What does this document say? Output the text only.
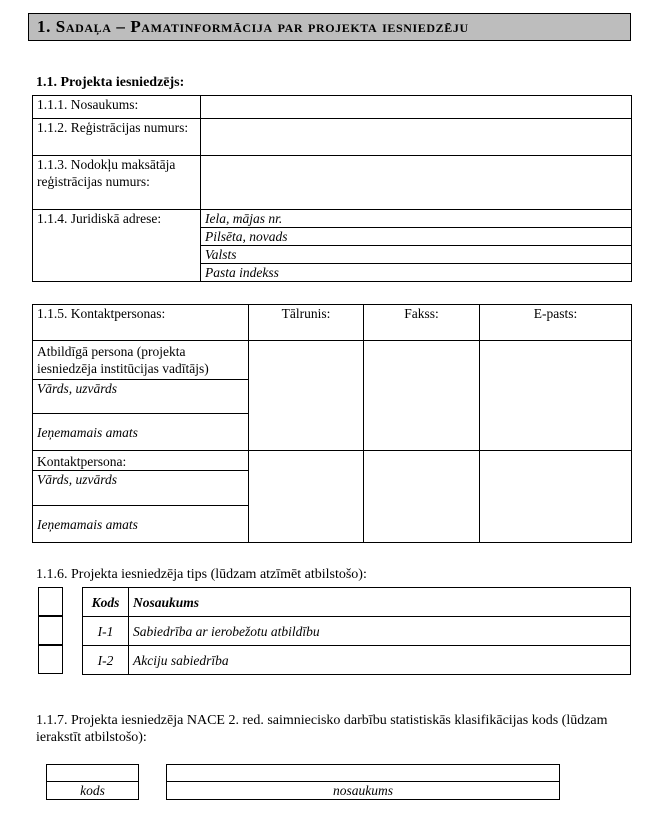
1. Sadaļa – Pamatinformācija par projekta iesniedzēju
1.1. Projekta iesniedzējs:
1.1.1. Nosaukums:	
1.1.2. Reģistrācijas numurs:	
1.1.3. Nodokļu maksātāja reģistrācijas numurs:	
1.1.4. Juridiskā adrese:		Iela, mājas nr.
Pilsēta, novads
Valsts
Pasta indekss
1.1.5. Kontaktpersonas:	Tālrunis:	Fakss:	E-pasts:

Atbildīgā persona (projekta iesniedzēja institūcijas vadītājs)
Vārds, uzvārds
Ieņemamais amats

Kontaktpersona:
Vārds, uzvārds
Ieņemamais amats

1.1.6. Projekta iesniedzēja tips (lūdzam atzīmēt atbilstošo):
Kods	Nosaukums
I-1	Sabiedrība ar ierobežotu atbildību
I-2	Akciju sabiedrība
1.1.7. Projekta iesniedzēja NACE 2. red. saimniecisko darbību statistiskās klasifikācijas kods (lūdzam ierakstīt atbilstošo):
kods	nosaukums
